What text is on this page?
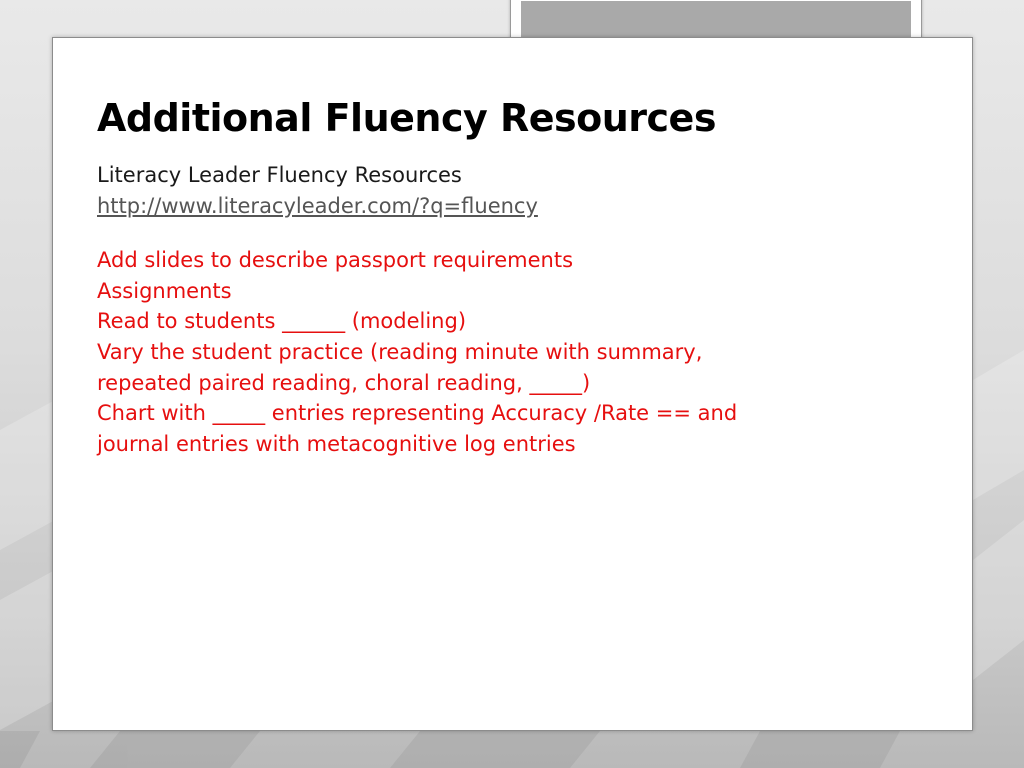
Additional Fluency Resources
Literacy Leader Fluency Resources
http://www.literacyleader.com/?q=fluency
Add slides to describe passport requirements
Assignments
Read to students ______ (modeling)
Vary the student practice (reading minute with summary,
repeated paired reading, choral reading, _____)
Chart with _____ entries representing Accuracy /Rate == and
journal entries with metacognitive log entries
